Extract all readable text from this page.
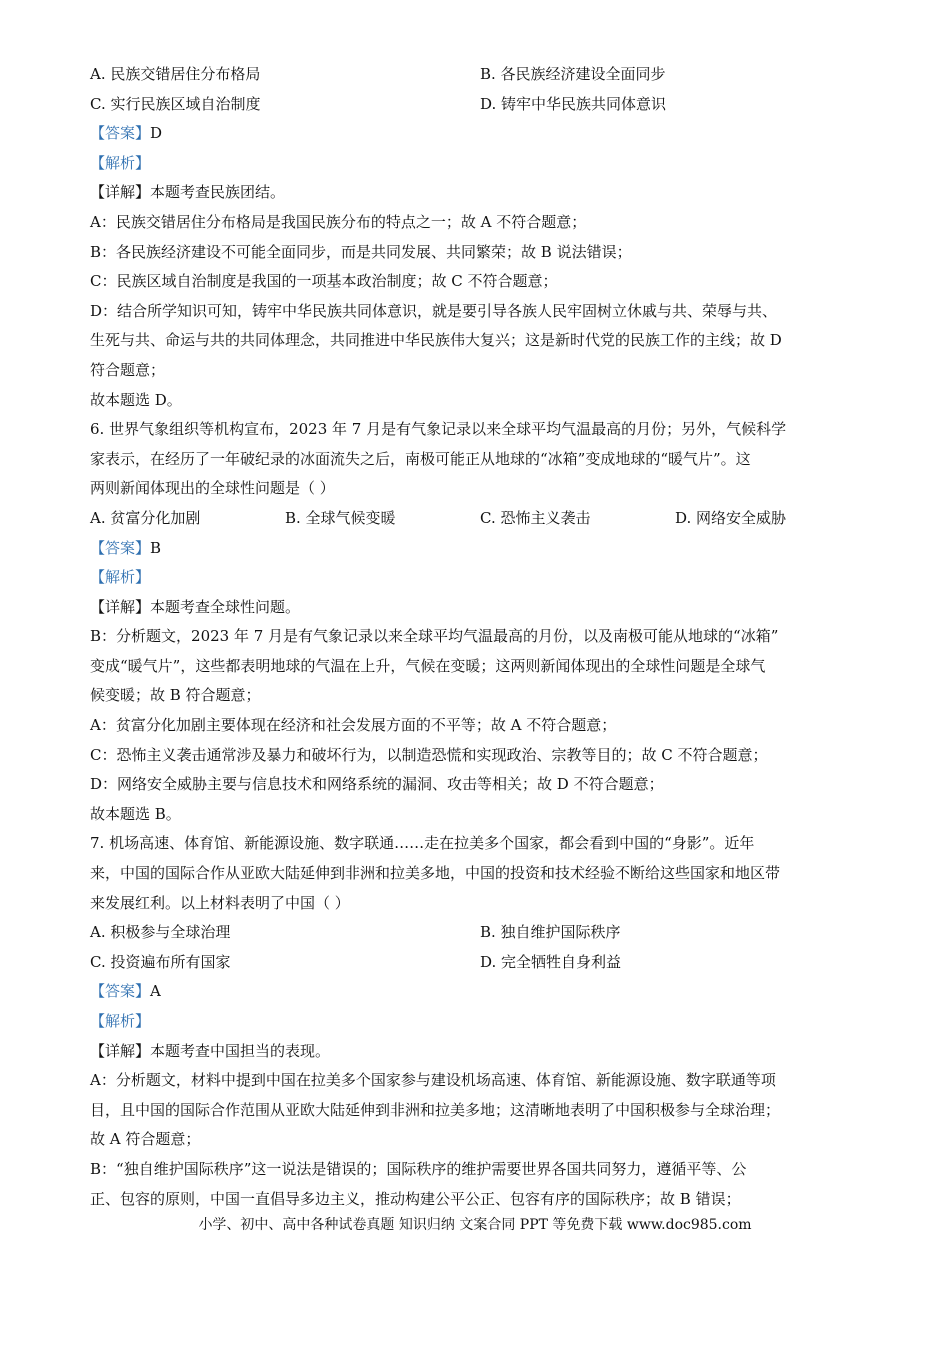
A. 民族交错居住分布格局	B. 各民族经济建设全面同步
C. 实行民族区域自治制度	D. 铸牢中华民族共同体意识
【答案】D
【解析】
【详解】本题考查民族团结。
A：民族交错居住分布格局是我国民族分布的特点之一；故 A 不符合题意；
B：各民族经济建设不可能全面同步，而是共同发展、共同繁荣；故 B 说法错误；
C：民族区域自治制度是我国的一项基本政治制度；故 C 不符合题意；
D：结合所学知识可知，铸牢中华民族共同体意识，就是要引导各族人民牢固树立休戚与共、荣辱与共、
生死与共、命运与共的共同体理念，共同推进中华民族伟大复兴；这是新时代党的民族工作的主线；故 D
符合题意；
故本题选 D。
6. 世界气象组织等机构宣布，2023 年 7 月是有气象记录以来全球平均气温最高的月份；另外，气候科学
家表示，在经历了一年破纪录的冰面流失之后，南极可能正从地球的“冰箱”变成地球的“暖气片”。这
两则新闻体现出的全球性问题是（ ）
A. 贫富分化加剧	B. 全球气候变暖	C. 恐怖主义袭击	D. 网络安全威胁
【答案】B
【解析】
【详解】本题考查全球性问题。
B：分析题文，2023 年 7 月是有气象记录以来全球平均气温最高的月份，以及南极可能从地球的“冰箱”
变成“暖气片”，这些都表明地球的气温在上升，气候在变暖；这两则新闻体现出的全球性问题是全球气
候变暖；故 B 符合题意；
A：贫富分化加剧主要体现在经济和社会发展方面的不平等；故 A 不符合题意；
C：恐怖主义袭击通常涉及暴力和破坏行为，以制造恐慌和实现政治、宗教等目的；故 C 不符合题意；
D：网络安全威胁主要与信息技术和网络系统的漏洞、攻击等相关；故 D 不符合题意；
故本题选 B。
7. 机场高速、体育馆、新能源设施、数字联通……走在拉美多个国家，都会看到中国的“身影”。近年
来，中国的国际合作从亚欧大陆延伸到非洲和拉美多地，中国的投资和技术经验不断给这些国家和地区带
来发展红利。以上材料表明了中国（ ）
A. 积极参与全球治理	B. 独自维护国际秩序
C. 投资遍布所有国家	D. 完全牺牲自身利益
【答案】A
【解析】
【详解】本题考查中国担当的表现。
A：分析题文，材料中提到中国在拉美多个国家参与建设机场高速、体育馆、新能源设施、数字联通等项
目，且中国的国际合作范围从亚欧大陆延伸到非洲和拉美多地；这清晰地表明了中国积极参与全球治理；
故 A 符合题意；
B：“独自维护国际秩序”这一说法是错误的；国际秩序的维护需要世界各国共同努力，遵循平等、公
正、包容的原则，中国一直倡导多边主义，推动构建公平公正、包容有序的国际秩序；故 B 错误；
小学、初中、高中各种试卷真题 知识归纳 文案合同 PPT 等免费下载 www.doc985.com
